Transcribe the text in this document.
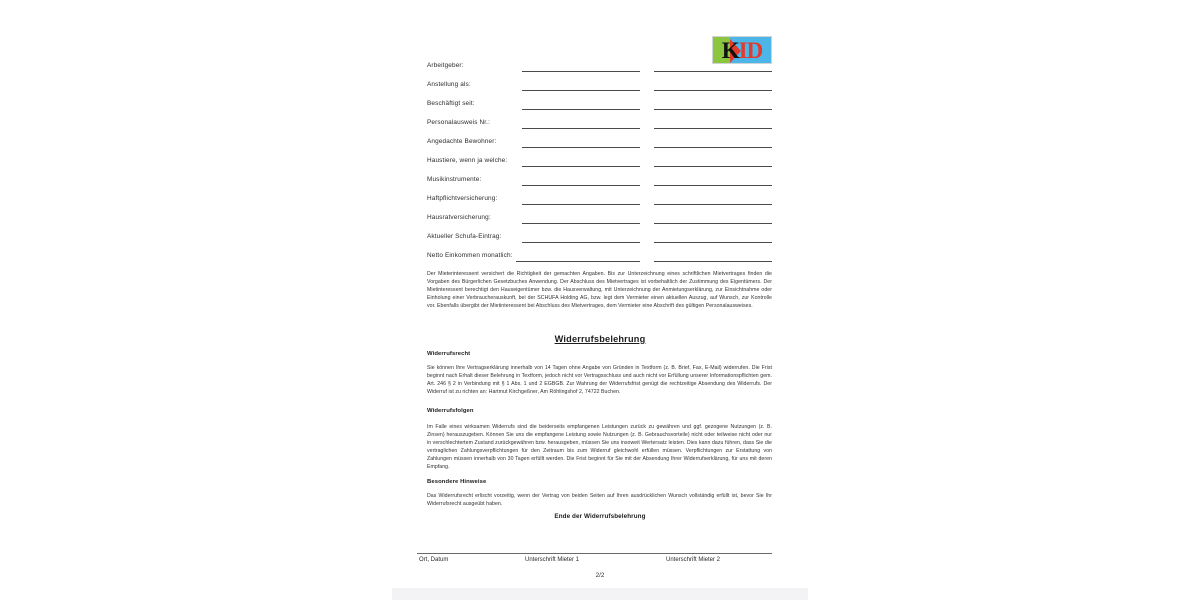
K I D
Arbeitgeber:
Anstellung als:
Beschäftigt seit:
Personalausweis Nr.:
Angedachte Bewohner:
Haustiere, wenn ja welche:
Musikinstrumente:
Haftpflichtversicherung:
Hausratversicherung:
Aktueller Schufa-Eintrag:
Netto Einkommen monatlich:
Der Mieterinteressent versichert die Richtigkeit der gemachten Angaben. Bis zur Unterzeichnung eines schriftlichen Mietvertrages finden die Vorgaben des Bürgerlichen Gesetzbuches Anwendung. Der Abschluss des Mietvertrages ist vorbehaltlich der Zustimmung des Eigentümers. Der Mietinteressent berechtigt den Hauseigentümer bzw. die Hausverwaltung, mit Unterzeichnung der Anmietungserklärung, zur Einsichtnahme oder Einholung einer Verbraucherauskunft, bei der SCHUFA Holding AG, bzw. legt dem Vermieter einen aktuellen Auszug, auf Wunsch, zur Kontrolle vor. Ebenfalls übergibt der Mietinteressent bei Abschluss des Mietvertrages, dem Vermieter eine Abschrift des gültigen Personalausweises.
Widerrufsbelehrung
Widerrufsrecht
Sie können Ihre Vertragserklärung innerhalb von 14 Tagen ohne Angabe von Gründen in Textform (z. B. Brief, Fax, E-Mail) widerrufen. Die Frist beginnt nach Erhalt dieser Belehrung in Textform, jedoch nicht vor Vertragsschluss und auch nicht vor Erfüllung unserer Informationspflichten gem. Art. 246 § 2 in Verbindung mit § 1 Abs. 1 und 2 EGBGB. Zur Wahrung der Widerrufsfrist genügt die rechtzeitige Absendung des Widerrufs. Der Widerruf ist zu richten an: Hartmut Kirchgeßner, Am Röhlingshof 2, 74722 Buchen.
Widerrufsfolgen
Im Falle eines wirksamen Widerrufs sind die beiderseits empfangenen Leistungen zurück zu gewähren und ggf. gezogene Nutzungen (z. B. Zinsen) herauszugeben. Können Sie uns die empfangene Leistung sowie Nutzungen (z. B. Gebrauchsvorteile) nicht oder teilweise nicht oder nur in verschlechtertem Zustand zurückgewähren bzw. herausgeben, müssen Sie uns insoweit Wertersatz leisten. Dies kann dazu führen, dass Sie die vertraglichen Zahlungsverpflichtungen für den Zeitraum bis zum Widerruf gleichwohl erfüllen müssen. Verpflichtungen zur Erstattung von Zahlungen müssen innerhalb von 30 Tagen erfüllt werden. Die Frist beginnt für Sie mit der Absendung Ihrer Widerrufserklärung, für uns mit deren Empfang.
Besondere Hinweise
Das Widerrufsrecht erlischt vorzeitig, wenn der Vertrag von beiden Seiten auf Ihren ausdrücklichen Wunsch vollständig erfüllt ist, bevor Sie Ihr Widerrufsrecht ausgeübt haben.
Ende der Widerrufsbelehrung
Ort, Datum	Unterschrift Mieter 1	Unterschrift Mieter 2
2/2
